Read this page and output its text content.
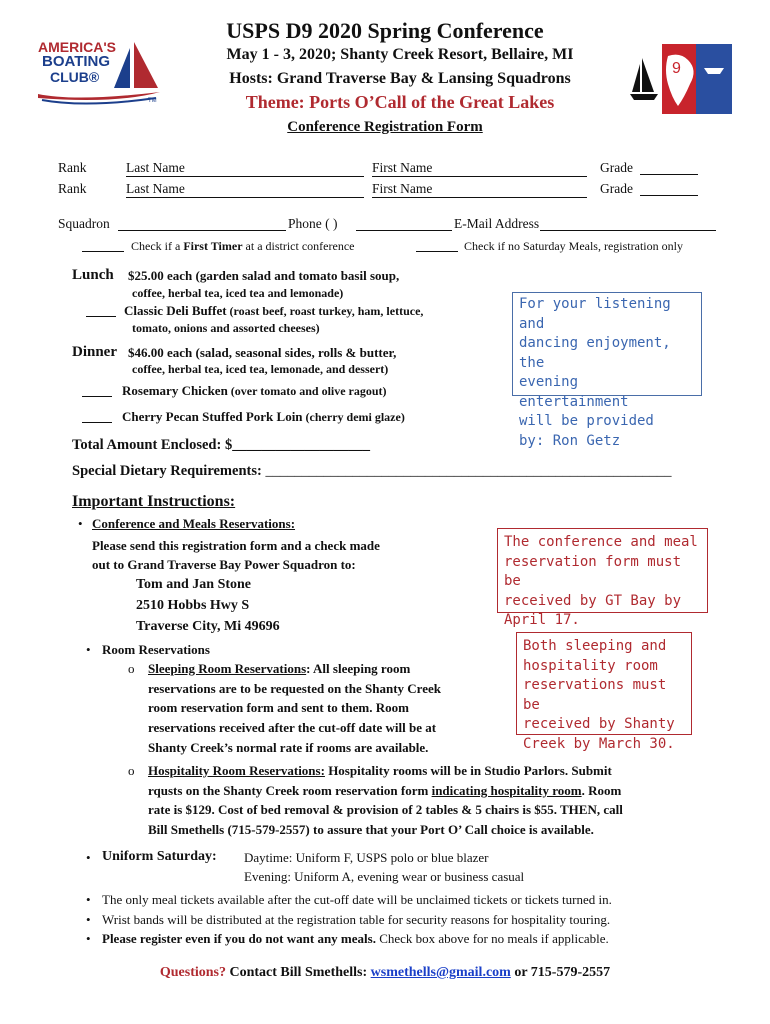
AMERICA'S
BOATING
CLUB®
TM
9
USPS D9 2020 Spring Conference
May 1 - 3, 2020; Shanty Creek Resort, Bellaire, MI
Hosts: Grand Traverse Bay & Lansing Squadrons
Theme: Ports O’Call of the Great Lakes
Conference Registration Form
Rank	Last Name	First Name	Grade
Rank	Last Name	First Name	Grade
Squadron	Phone ( )	E-Mail Address
Check if a First Timer at a district conference	Check if no Saturday Meals, registration only
Lunch $25.00 each (garden salad and tomato basil soup,
coffee, herbal tea, iced tea and lemonade)
Classic Deli Buffet (roast beef, roast turkey, ham, lettuce,
tomato, onions and assorted cheeses)
Dinner $46.00 each (salad, seasonal sides, rolls & butter,
coffee, herbal tea, iced tea, lemonade, and dessert)
Rosemary Chicken (over tomato and olive ragout)
Cherry Pecan Stuffed Pork Loin (cherry demi glaze)
For your listening and
dancing enjoyment, the
evening entertainment
will be provided
by: Ron Getz
Total Amount Enclosed: $___________________
Special Dietary Requirements: ________________________________________________________
Important Instructions:
• Conference and Meals Reservations:
Please send this registration form and a check made
out to Grand Traverse Bay Power Squadron to:
Tom and Jan Stone
2510 Hobbs Hwy S
Traverse City, Mi 49696
The conference and meal
reservation form must be
received by GT Bay by
April 17.
• Room Reservations
o Sleeping Room Reservations: All sleeping room
reservations are to be requested on the Shanty Creek
room reservation form and sent to them. Room
reservations received after the cut-off date will be at
Shanty Creek’s normal rate if rooms are available.
Both sleeping and
hospitality room
reservations must be
received by Shanty
Creek by March 30.
o Hospitality Room Reservations: Hospitality rooms will be in Studio Parlors. Submit
rqusts on the Shanty Creek room reservation form indicating hospitality room. Room
rate is $129. Cost of bed removal & provision of 2 tables & 5 chairs is $55. THEN, call
Bill Smethells (715-579-2557) to assure that your Port O’ Call choice is available.
• Uniform Saturday: Daytime: Uniform F, USPS polo or blue blazer
Evening: Uniform A, evening wear or business casual
• The only meal tickets available after the cut-off date will be unclaimed tickets or tickets turned in.
• Wrist bands will be distributed at the registration table for security reasons for hospitality touring.
• Please register even if you do not want any meals. Check box above for no meals if applicable.
Questions? Contact Bill Smethells: wsmethells@gmail.com or 715-579-2557
